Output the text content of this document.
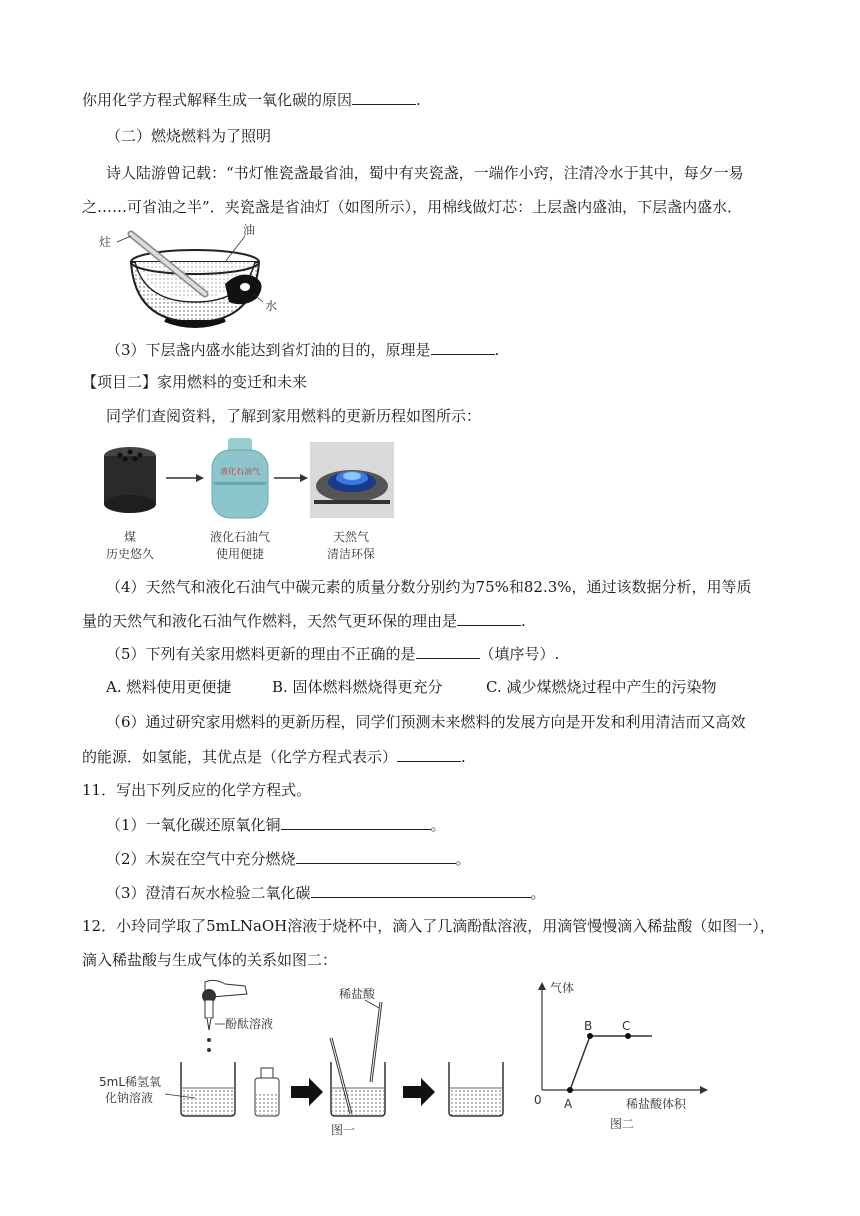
你用化学方程式解释生成一氧化碳的原因	.
（二）燃烧燃料为了照明
诗人陆游曾记载：“书灯惟瓷盏最省油，蜀中有夹瓷盏，一端作小窍，注清冷水于其中，每夕一易
之……可省油之半”．夹瓷盏是省油灯（如图所示），用棉线做灯芯：上层盏内盛油，下层盏内盛水．
炷
油
水
（3）下层盏内盛水能达到省灯油的目的，原理是	.
【项目二】家用燃料的变迁和未来
同学们查阅资料，了解到家用燃料的更新历程如图所示：
液化石油气
煤
历史悠久
液化石油气
使用便捷
天然气
清洁环保
（4）天然气和液化石油气中碳元素的质量分数分别约为75%和82.3%，通过该数据分析，用等质
量的天然气和液化石油气作燃料，天然气更环保的理由是	.
（5）下列有关家用燃料更新的理由不正确的是	（填序号）.
A. 燃料使用更便捷	B. 固体燃料燃烧得更充分	C. 减少煤燃烧过程中产生的污染物
（6）通过研究家用燃料的更新历程，同学们预测未来燃料的发展方向是开发和利用清洁而又高效
的能源．如氢能，其优点是（化学方程式表示）	.
11．写出下列反应的化学方程式。
（1）一氧化碳还原氧化铜	。
（2）木炭在空气中充分燃烧	。
（3）澄清石灰水检验二氧化碳	。
12．小玲同学取了5mLNaOH溶液于烧杯中，滴入了几滴酚酞溶液，用滴管慢慢滴入稀盐酸（如图一），
滴入稀盐酸与生成气体的关系如图二：
酚酞溶液
5mL稀氢氧
化钠溶液
稀盐酸
图一
气体
0 A
B C
稀盐酸体积
图二
